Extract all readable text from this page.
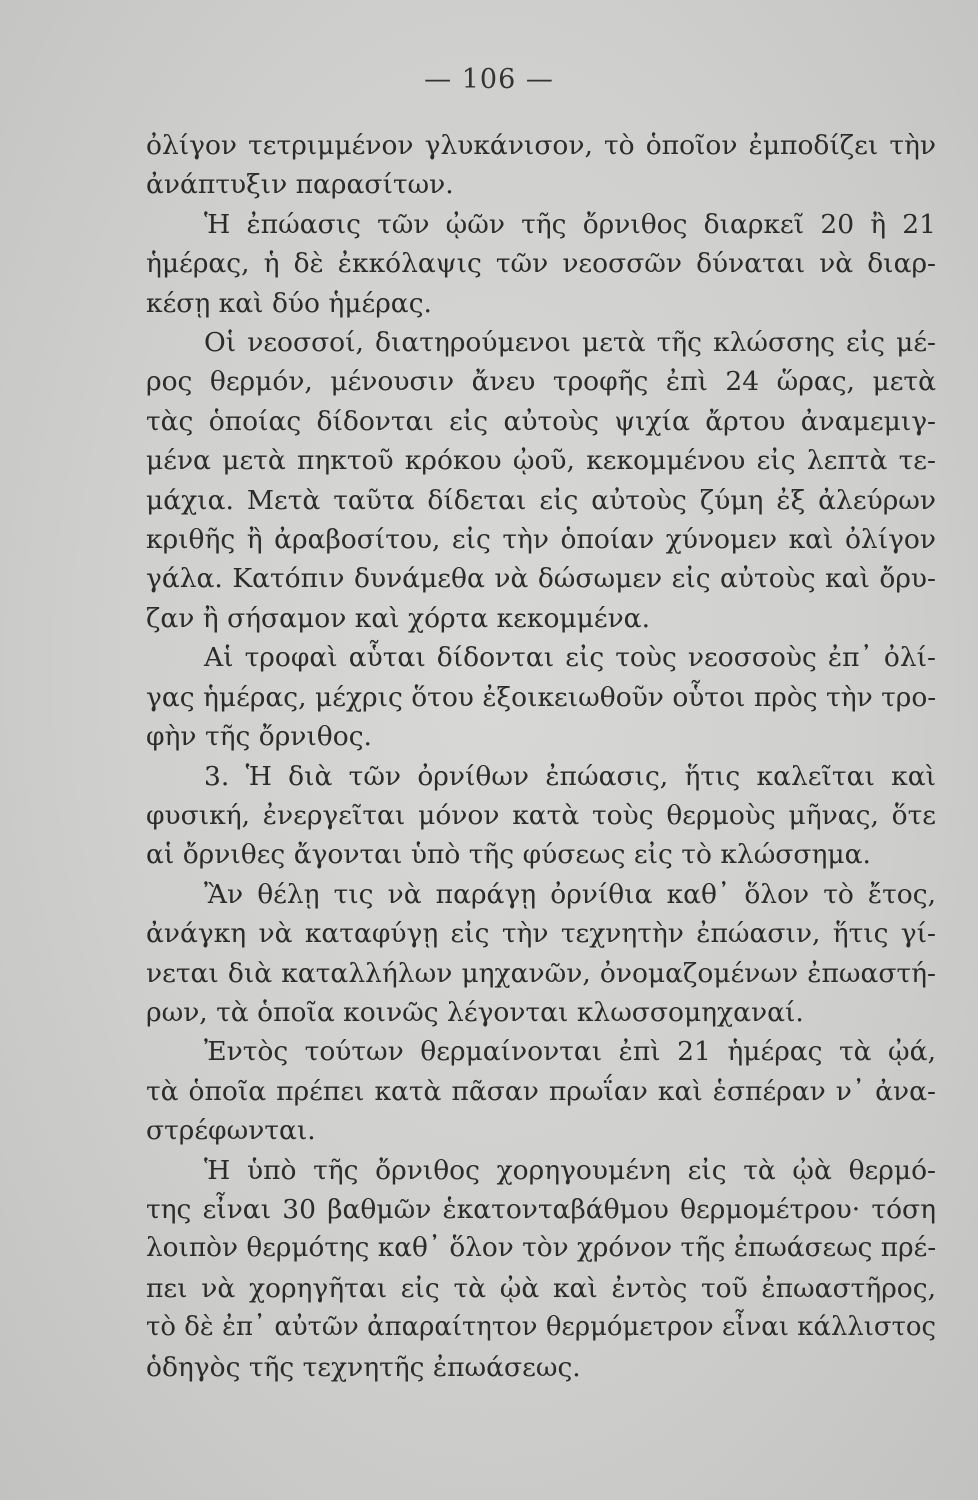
— 106 —
ὀλίγον τετριμμένον γλυκάνισον, τὸ ὁποῖον ἐμποδίζει τὴν
ἀνάπτυξιν παρασίτων.
Ἡ ἐπώασις τῶν ᾠῶν τῆς ὄρνιθος διαρκεῖ 20 ἢ 21
ἡμέρας, ἡ δὲ ἐκκόλαψις τῶν νεοσσῶν δύναται νὰ διαρ-
κέσῃ καὶ δύο ἡμέρας.
Οἱ νεοσσοί, διατηρούμενοι μετὰ τῆς κλώσσης εἰς μέ-
ρος θερμόν, μένουσιν ἄνευ τροφῆς ἐπὶ 24 ὥρας, μετὰ
τὰς ὁποίας δίδονται εἰς αὐτοὺς ψιχία ἄρτου ἀναμεμιγ-
μένα μετὰ πηκτοῦ κρόκου ᾠοῦ, κεκομμένου εἰς λεπτὰ τε-
μάχια. Μετὰ ταῦτα δίδεται εἰς αὐτοὺς ζύμη ἐξ ἀλεύρων
κριθῆς ἢ ἀραβοσίτου, εἰς τὴν ὁποίαν χύνομεν καὶ ὀλίγον
γάλα. Κατόπιν δυνάμεθα νὰ δώσωμεν εἰς αὐτοὺς καὶ ὄρυ-
ζαν ἢ σήσαμον καὶ χόρτα κεκομμένα.
Αἱ τροφαὶ αὗται δίδονται εἰς τοὺς νεοσσοὺς ἐπ᾽ ὀλί-
γας ἡμέρας, μέχρις ὅτου ἐξοικειωθοῦν οὗτοι πρὸς τὴν τρο-
φὴν τῆς ὄρνιθος.
3. Ἡ διὰ τῶν ὀρνίθων ἐπώασις, ἥτις καλεῖται καὶ
φυσική, ἐνεργεῖται μόνον κατὰ τοὺς θερμοὺς μῆνας, ὅτε
αἱ ὄρνιθες ἄγονται ὑπὸ τῆς φύσεως εἰς τὸ κλώσσημα.
Ἂν θέλῃ τις νὰ παράγῃ ὀρνίθια καθ᾽ ὅλον τὸ ἔτος,
ἀνάγκη νὰ καταφύγῃ εἰς τὴν τεχνητὴν ἐπώασιν, ἥτις γί-
νεται διὰ καταλλήλων μηχανῶν, ὀνομαζομένων ἐπωαστή-
ρων, τὰ ὁποῖα κοινῶς λέγονται κλωσσομηχαναί.
Ἐντὸς τούτων θερμαίνονται ἐπὶ 21 ἡμέρας τὰ ᾠά,
τὰ ὁποῖα πρέπει κατὰ πᾶσαν πρωΐαν καὶ ἑσπέραν ν᾽ ἀνα-
στρέφωνται.
Ἡ ὑπὸ τῆς ὄρνιθος χορηγουμένη εἰς τὰ ᾠὰ θερμό-
της εἶναι 30 βαθμῶν ἑκατονταβάθμου θερμομέτρου· τόση
λοιπὸν θερμότης καθ᾽ ὅλον τὸν χρόνον τῆς ἐπωάσεως πρέ-
πει νὰ χορηγῆται εἰς τὰ ᾠὰ καὶ ἐντὸς τοῦ ἐπωαστῆρος,
τὸ δὲ ἐπ᾽ αὐτῶν ἀπαραίτητον θερμόμετρον εἶναι κάλλιστος
ὁδηγὸς τῆς τεχνητῆς ἐπωάσεως.
